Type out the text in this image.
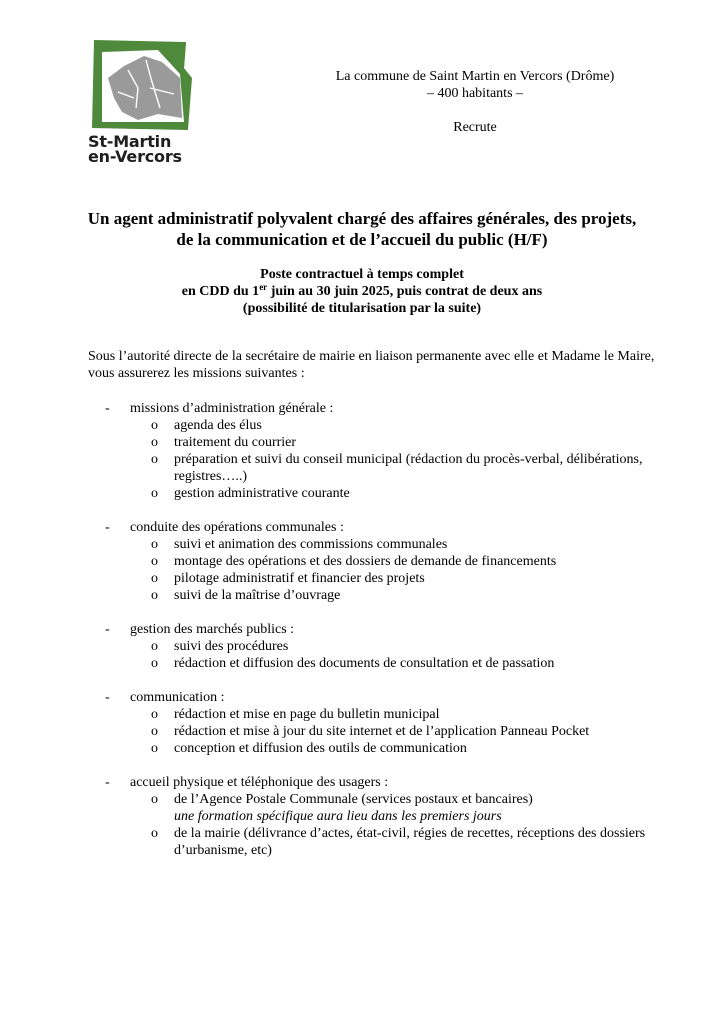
St-Martin
en-Vercors
La commune de Saint Martin en Vercors (Drôme)
– 400 habitants –
Recrute
Un agent administratif polyvalent chargé des affaires générales, des projets,
de la communication et de l’accueil du public (H/F)
Poste contractuel à temps complet
en CDD du 1er juin au 30 juin 2025, puis contrat de deux ans
(possibilité de titularisation par la suite)
Sous l’autorité directe de la secrétaire de mairie en liaison permanente avec elle et Madame le Maire, vous assurerez les missions suivantes :
- missions d’administration générale :
o agenda des élus
o traitement du courrier
o préparation et suivi du conseil municipal (rédaction du procès-verbal, délibérations, registres…..)
o gestion administrative courante
- conduite des opérations communales :
o suivi et animation des commissions communales
o montage des opérations et des dossiers de demande de financements
o pilotage administratif et financier des projets
o suivi de la maîtrise d’ouvrage
- gestion des marchés publics :
o suivi des procédures
o rédaction et diffusion des documents de consultation et de passation
- communication :
o rédaction et mise en page du bulletin municipal
o rédaction et mise à jour du site internet et de l’application Panneau Pocket
o conception et diffusion des outils de communication
- accueil physique et téléphonique des usagers :
o de l’Agence Postale Communale (services postaux et bancaires)
une formation spécifique aura lieu dans les premiers jours
o de la mairie (délivrance d’actes, état-civil, régies de recettes, réceptions des dossiers d’urbanisme, etc)
